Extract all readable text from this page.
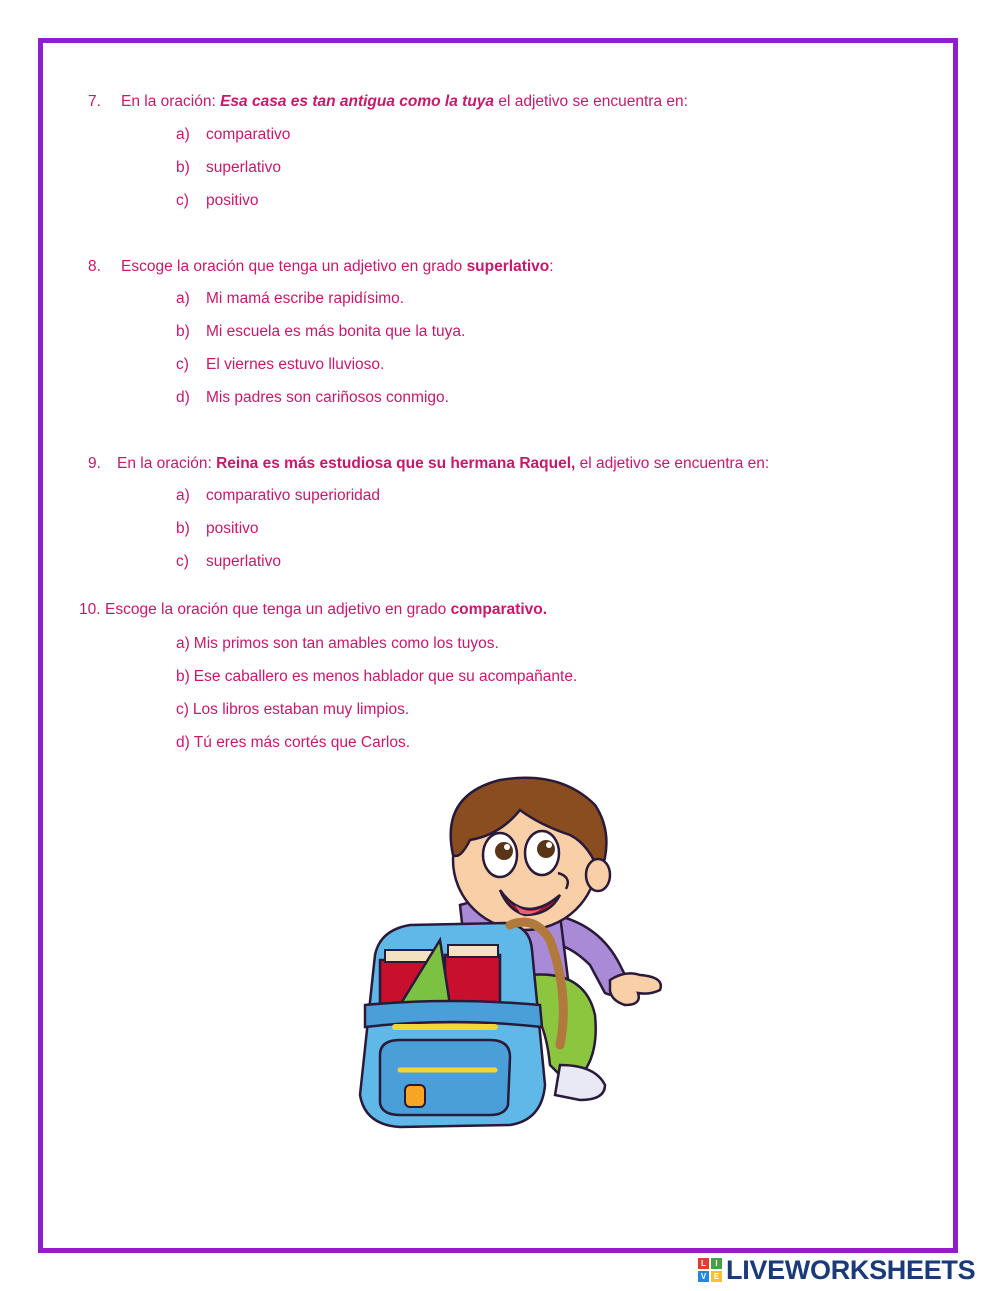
7. En la oración: Esa casa es tan antigua como la tuya el adjetivo se encuentra en:
a) comparativo
b) superlativo
c) positivo
8. Escoge la oración que tenga un adjetivo en grado superlativo:
a) Mi mamá escribe rapidísimo.
b) Mi escuela es más bonita que la tuya.
c) El viernes estuvo lluvioso.
d) Mis padres son cariñosos conmigo.
9. En la oración: Reina es más estudiosa que su hermana Raquel, el adjetivo se encuentra en:
a) comparativo superioridad
b) positivo
c) superlativo
10. Escoge la oración que tenga un adjetivo en grado comparativo.
a) Mis primos son tan amables como los tuyos.
b) Ese caballero es menos hablador que su acompañante.
c) Los libros estaban muy limpios.
d) Tú eres más cortés que Carlos.
L	I
V E LIVEWORKSHEETS
